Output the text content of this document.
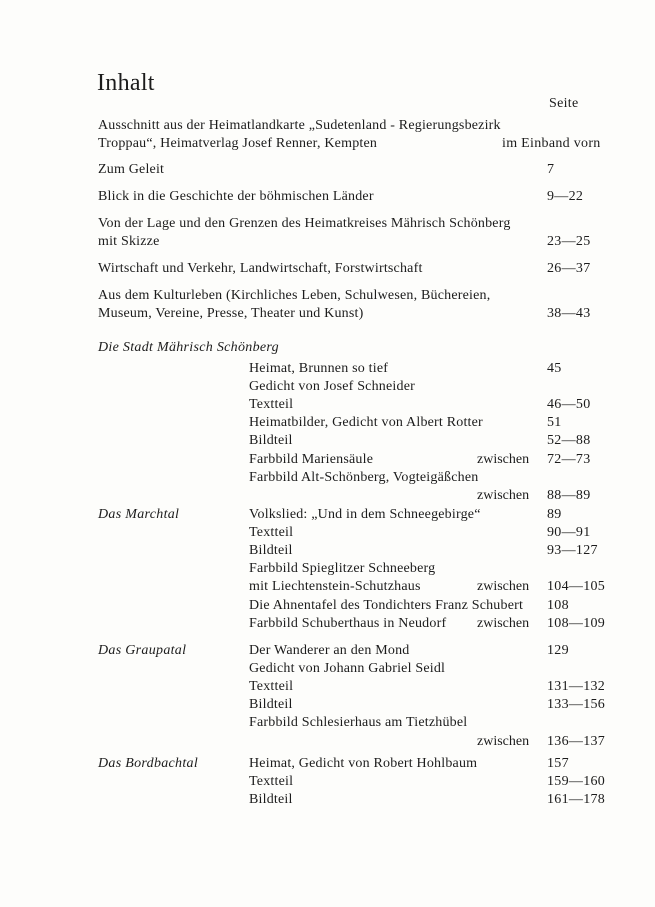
Inhalt
Seite
Ausschnitt aus der Heimatlandkarte „Sudetenland - Regierungsbezirk
Troppau“, Heimatverlag Josef Renner, Kempten	im Einband vorn
Zum Geleit	7
Blick in die Geschichte der böhmischen Länder	9—22
Von der Lage und den Grenzen des Heimatkreises Mährisch Schönberg
mit Skizze	23—25
Wirtschaft und Verkehr, Landwirtschaft, Forstwirtschaft	26—37
Aus dem Kulturleben (Kirchliches Leben, Schulwesen, Büchereien,
Museum, Vereine, Presse, Theater und Kunst)	38—43
Die Stadt Mährisch Schönberg
Heimat, Brunnen so tief	45
Gedicht von Josef Schneider
Textteil	46—50
Heimatbilder, Gedicht von Albert Rotter	51
Bildteil	52—88
Farbbild Mariensäule	zwischen 72—73
Farbbild Alt-Schönberg, Vogteigäßchen
zwischen 88—89
Das Marchtal	Volkslied: „Und in dem Schneegebirge“	89
Textteil	90—91
Bildteil	93—127
Farbbild Spieglitzer Schneeberg
mit Liechtenstein-Schutzhaus	zwischen 104—105
Die Ahnentafel des Tondichters Franz Schubert 108
Farbbild Schuberthaus in Neudorf zwischen 108—109
Das Graupatal	Der Wanderer an den Mond	129
Gedicht von Johann Gabriel Seidl
Textteil	131—132
Bildteil	133—156
Farbbild Schlesierhaus am Tietzhübel
zwischen 136—137
Das Bordbachtal	Heimat, Gedicht von Robert Hohlbaum	157
Textteil	159—160
Bildteil	161—178
